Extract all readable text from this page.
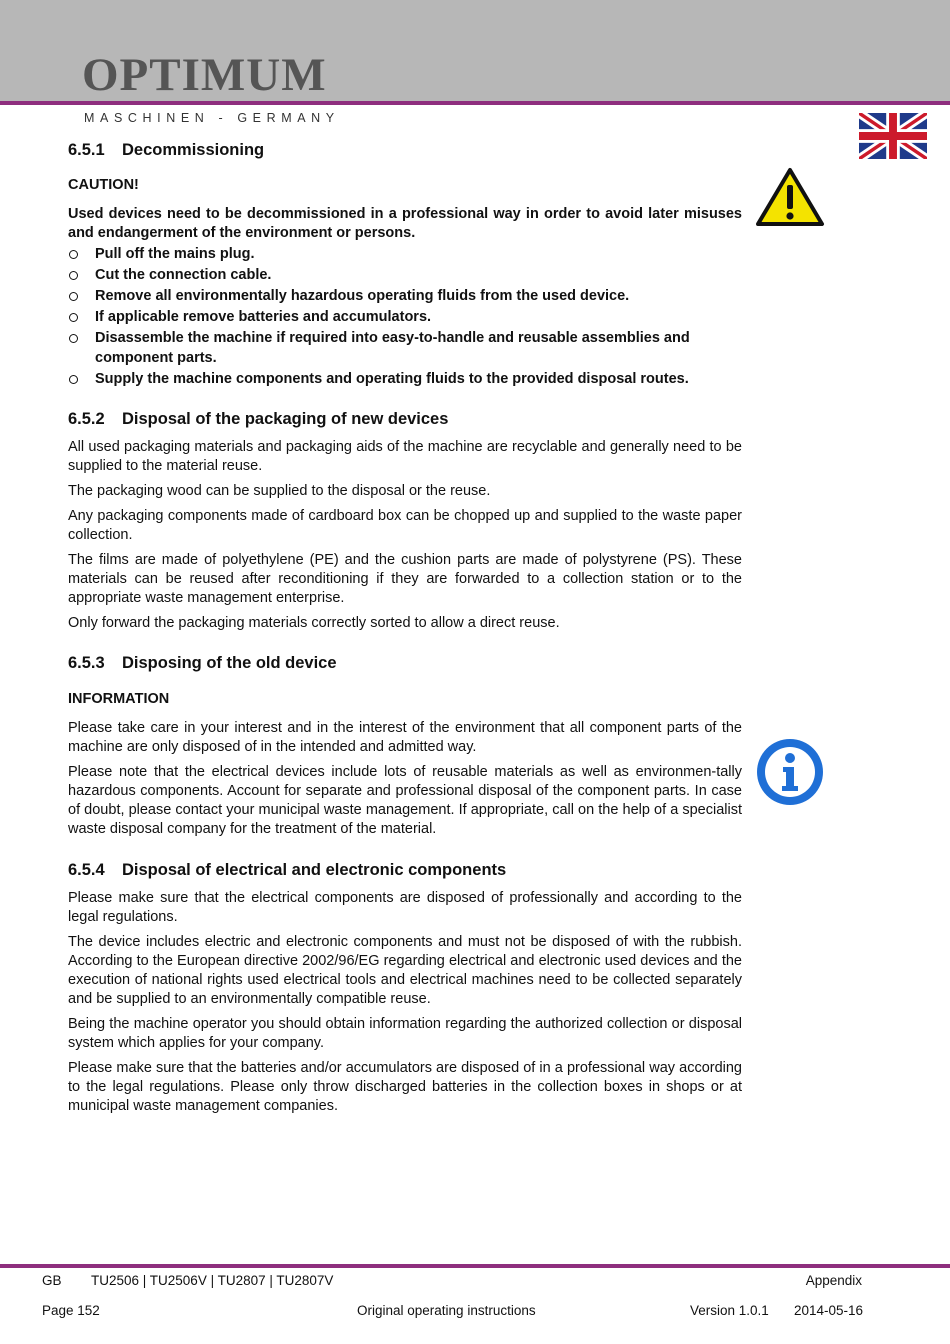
OPTIMUM
MASCHINEN - GERMANY
6.5.1 Decommissioning
CAUTION!

Used devices need to be decommissioned in a professional way in order to avoid later misuses and endangerment of the environment or persons.

Pull off the mains plug.
Cut the connection cable.
Remove all environmentally hazardous operating fluids from the used device.
If applicable remove batteries and accumulators.
Disassemble the machine if required into easy-to-handle and reusable assemblies and component parts.
Supply the machine components and operating fluids to the provided disposal routes.
6.5.2 Disposal of the packaging of new devices

All used packaging materials and packaging aids of the machine are recyclable and generally need to be supplied to the material reuse.

The packaging wood can be supplied to the disposal or the reuse.

Any packaging components made of cardboard box can be chopped up and supplied to the waste paper collection.

The films are made of polyethylene (PE) and the cushion parts are made of polystyrene (PS). These materials can be reused after reconditioning if they are forwarded to a collection station or to the appropriate waste management enterprise.

Only forward the packaging materials correctly sorted to allow a direct reuse.

6.5.3 Disposing of the old device
INFORMATION

Please take care in your interest and in the interest of the environment that all component parts of the machine are only disposed of in the intended and admitted way.

Please note that the electrical devices include lots of reusable materials as well as environmen-tally hazardous components. Account for separate and professional disposal of the component parts. In case of doubt, please contact your municipal waste management. If appropriate, call on the help of a specialist waste disposal company for the treatment of the material.

6.5.4 Disposal of electrical and electronic components

Please make sure that the electrical components are disposed of professionally and according to the legal regulations.

The device includes electric and electronic components and must not be disposed of with the rubbish. According to the European directive 2002/96/EG regarding electrical and electronic used devices and the execution of national rights used electrical tools and electrical machines need to be collected separately and be supplied to an environmentally compatible reuse.

Being the machine operator you should obtain information regarding the authorized collection or disposal system which applies for your company.

Please make sure that the batteries and/or accumulators are disposed of in a professional way according to the legal regulations. Please only throw discharged batteries in the collection boxes in shops or at municipal waste management companies.

GB TU2506 | TU2506V | TU2807 | TU2807V	Appendix
Page 152	Original operating instructions	Version 1.0.1 2014-05-16
